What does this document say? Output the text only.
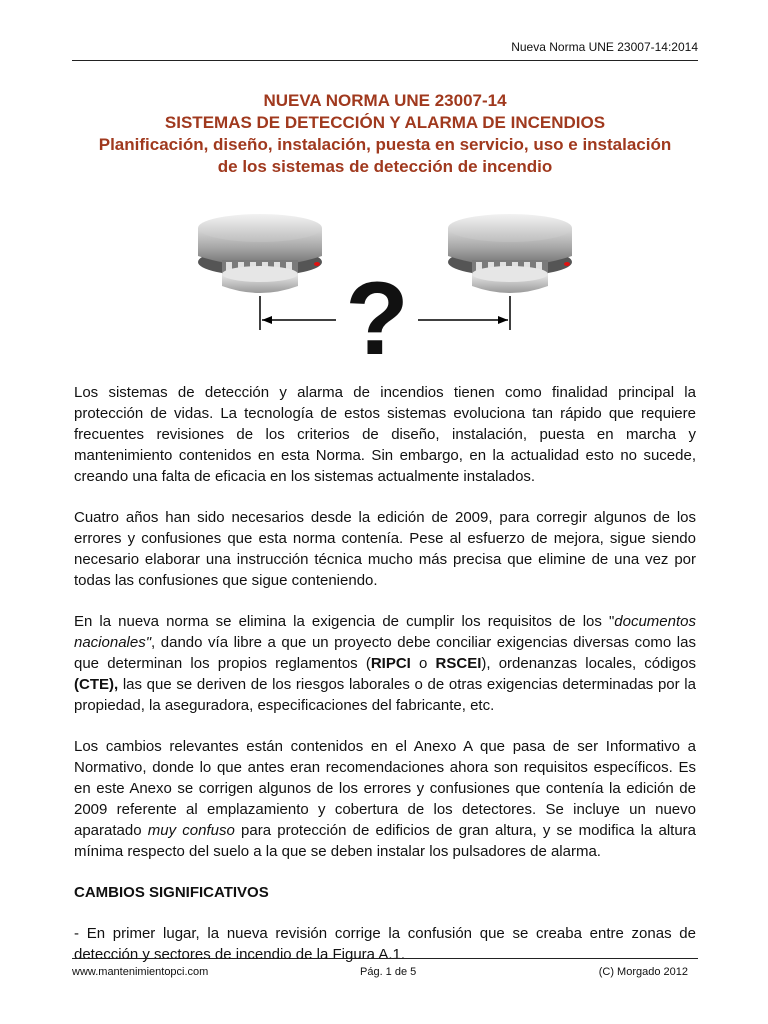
Nueva Norma UNE 23007-14:2014
NUEVA NORMA UNE 23007-14
SISTEMAS DE DETECCIÓN Y ALARMA DE INCENDIOS
Planificación, diseño, instalación, puesta en servicio, uso e instalación
de los sistemas de detección de incendio
?

Los sistemas de detección y alarma de incendios tienen como finalidad principal la protección de vidas. La tecnología de estos sistemas evoluciona tan rápido que requiere frecuentes revisiones de los criterios de diseño, instalación, puesta en marcha y mantenimiento contenidos en esta Norma. Sin embargo, en la actualidad esto no sucede, creando una falta de eficacia en los sistemas actualmente instalados.

Cuatro años han sido necesarios desde la edición de 2009, para corregir algunos de los errores y confusiones que esta norma contenía. Pese al esfuerzo de mejora, sigue siendo necesario elaborar una instrucción técnica mucho más precisa que elimine de una vez por todas las confusiones que sigue conteniendo.

En la nueva norma se elimina la exigencia de cumplir los requisitos de los "documentos nacionales", dando vía libre a que un proyecto debe conciliar exigencias diversas como las que determinan los propios reglamentos (RIPCI o RSCEI), ordenanzas locales, códigos (CTE), las que se deriven de los riesgos laborales o de otras exigencias determinadas por la propiedad, la aseguradora, especificaciones del fabricante, etc.

Los cambios relevantes están contenidos en el Anexo A que pasa de ser Informativo a Normativo, donde lo que antes eran recomendaciones ahora son requisitos específicos. Es en este Anexo se corrigen algunos de los errores y confusiones que contenía la edición de 2009 referente al emplazamiento y cobertura de los detectores. Se incluye un nuevo aparatado muy confuso para protección de edificios de gran altura, y se modifica la altura mínima respecto del suelo a la que se deben instalar los pulsadores de alarma.

CAMBIOS SIGNIFICATIVOS

- En primer lugar, la nueva revisión corrige la confusión que se creaba entre zonas de detección y sectores de incendio de la Figura A.1.

www.mantenimientopci.com	Pág. 1 de 5	(C) Morgado 2012
